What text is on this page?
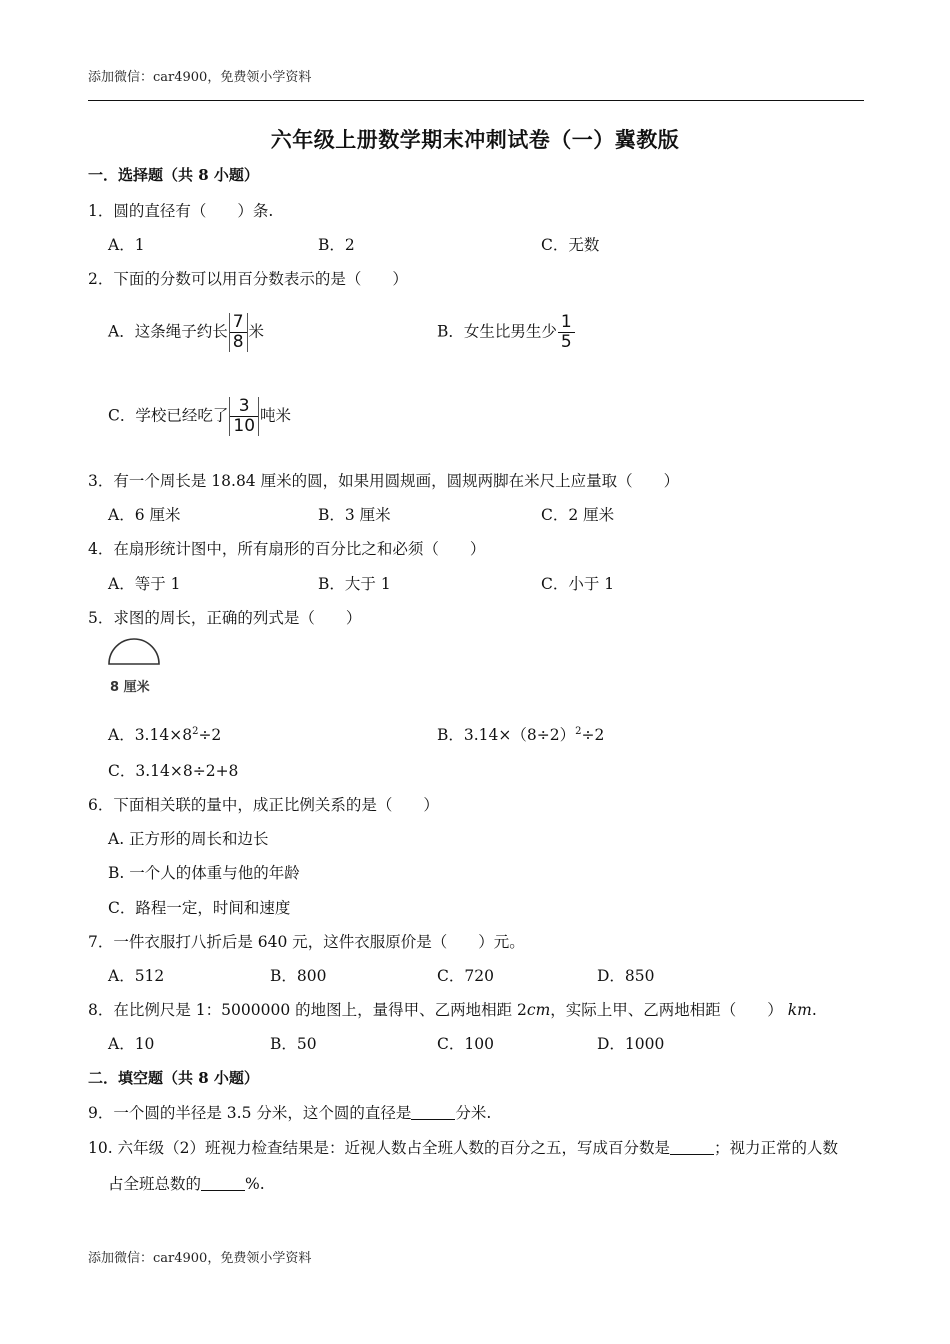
添加微信：car4900，免费领小学资料
六年级上册数学期末冲刺试卷（一）冀教版
一．选择题（共 8 小题）
1．圆的直径有（　　）条.
A．1	B．2	C．无数
2．下面的分数可以用百分数表示的是（　　）
A．这条绳子约长 $\frac{7}{8}$ 米	B．女生比男生少 $\frac{1}{5}$
C．学校已经吃了 $\frac{3}{10}$ 吨米
3．有一个周长是 18.84 厘米的圆，如果用圆规画，圆规两脚在米尺上应量取（　　）
A．6 厘米	B．3 厘米	C．2 厘米
4．在扇形统计图中，所有扇形的百分比之和必须（　　）
A．等于 1	B．大于 1	C．小于 1
5．求图的周长，正确的列式是（　　）
8 厘米
A．$3.14\times 8^2\div 2$	B．$3.14\times(8\div 2)^2\div 2$
C．3.14×8÷2+8
6．下面相关联的量中，成正比例关系的是（　　）
A. 正方形的周长和边长
B. 一个人的体重与他的年龄
C．路程一定，时间和速度
7．一件衣服打八折后是 640 元，这件衣服原价是（　　）元。
A．512	B．800	C．720	D．850
8．在比例尺是 1：5000000 的地图上，量得甲、乙两地相距 2cm，实际上甲、乙两地相距（　　） km.
A．10	B．50	C．100	D．1000
二．填空题（共 8 小题）
9．一个圆的半径是 3.5 分米，这个圆的直径是	分米.
10. 六年级（2）班视力检查结果是：近视人数占全班人数的百分之五，写成百分数是	；视力正常的人数
占全班总数的	%.
添加微信：car4900，免费领小学资料
